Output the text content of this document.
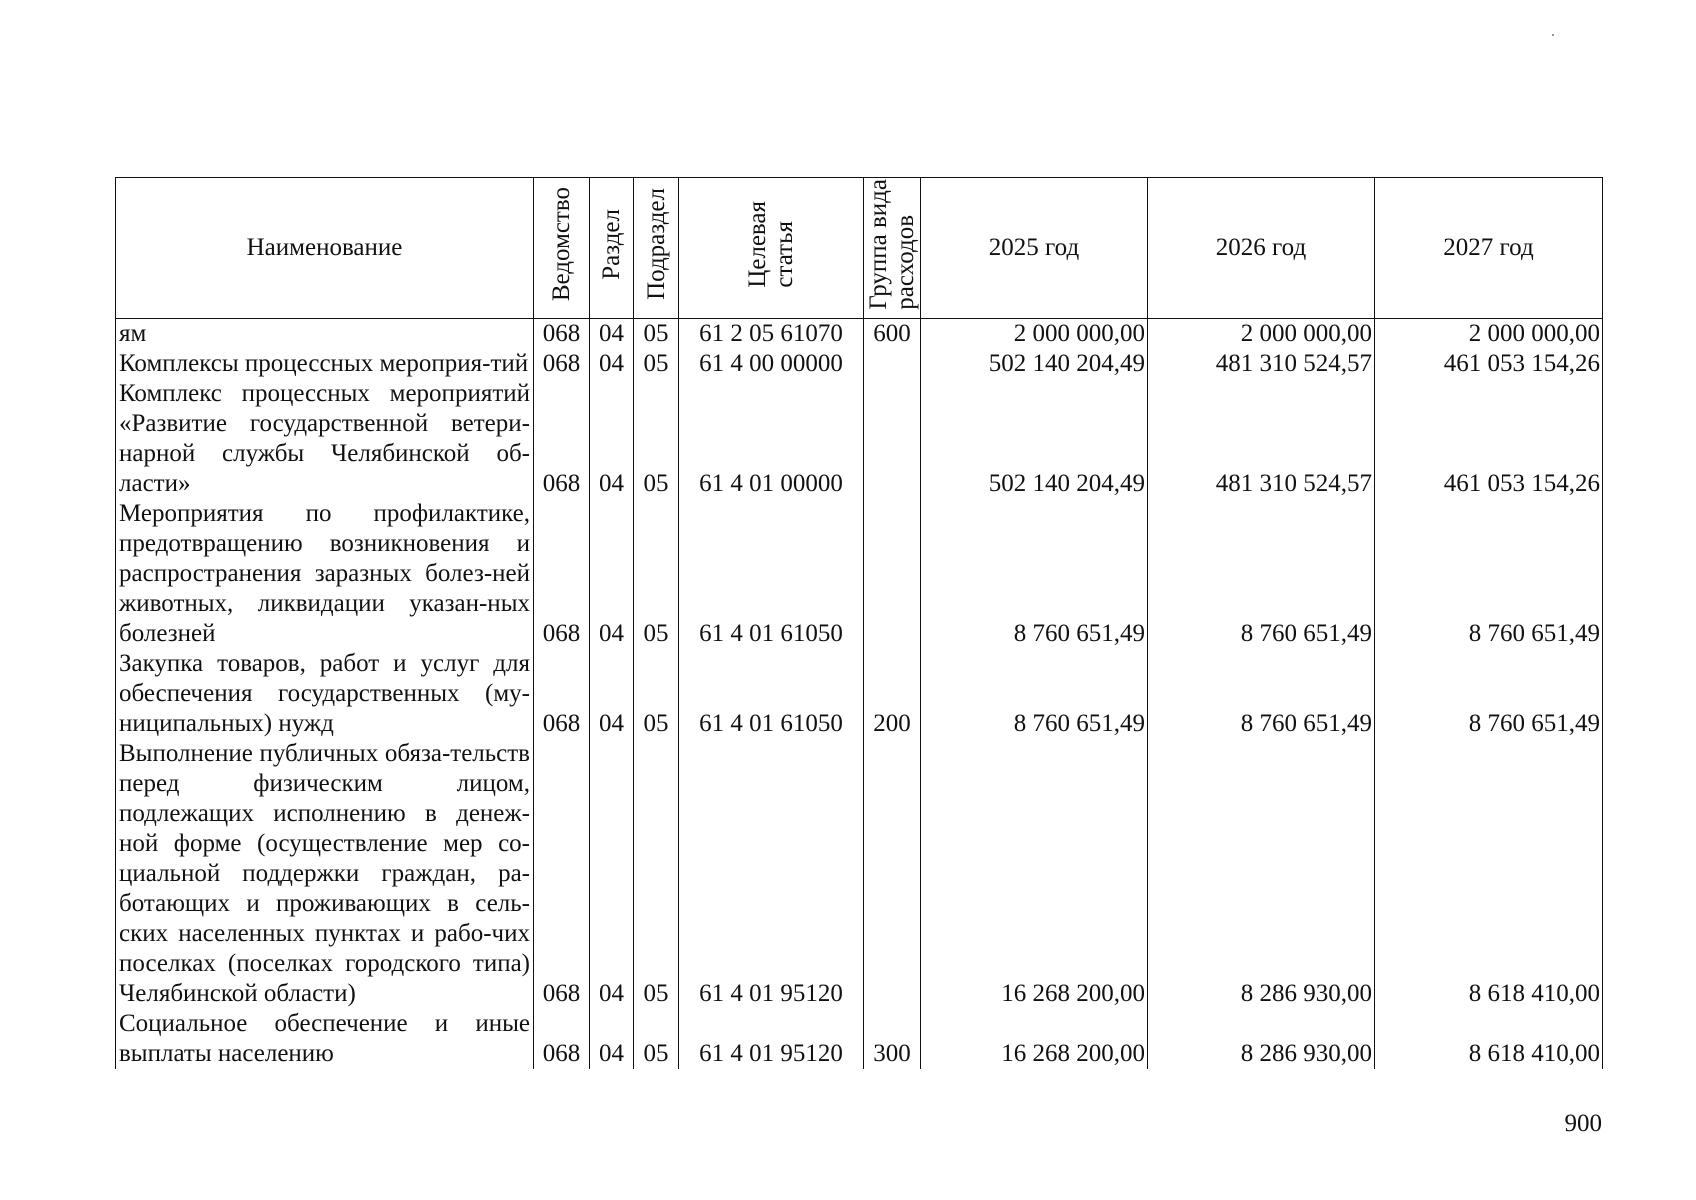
Наименование	Ведомство	Раздел	Подраздел	Целеваястатья	Группа видарасходов	2025 год	2026 год	2027 год
ям	068	04	05	61 2 05 61070	600	2 000 000,00	2 000 000,00	2 000 000,00
Комплексы процессных мероприя-тий	068	04	05	61 4 00 00000		502 140 204,49	481 310 524,57	461 053 154,26
Комплекс процессных мероприятий «Развитие государственной ветери-нарной службы Челябинской об-ласти»	068	04	05	61 4 01 00000		502 140 204,49	481 310 524,57	461 053 154,26
Мероприятия по профилактике, предотвращению возникновения и распространения заразных болез-ней животных, ликвидации указан-ных болезней	068	04	05	61 4 01 61050		8 760 651,49	8 760 651,49	8 760 651,49
Закупка товаров, работ и услуг для обеспечения государственных (му-ниципальных) нужд	068	04	05	61 4 01 61050	200	8 760 651,49	8 760 651,49	8 760 651,49
Выполнение публичных обяза-тельств перед физическим лицом, подлежащих исполнению в денеж-ной форме (осуществление мер со-циальной поддержки граждан, ра-ботающих и проживающих в сель-ских населенных пунктах и рабо-чих поселках (поселках городского типа) Челябинской области)	068	04	05	61 4 01 95120		16 268 200,00	8 286 930,00	8 618 410,00
Социальное обеспечение и иные выплаты населению	068	04	05	61 4 01 95120	300	16 268 200,00	8 286 930,00	8 618 410,00
900
